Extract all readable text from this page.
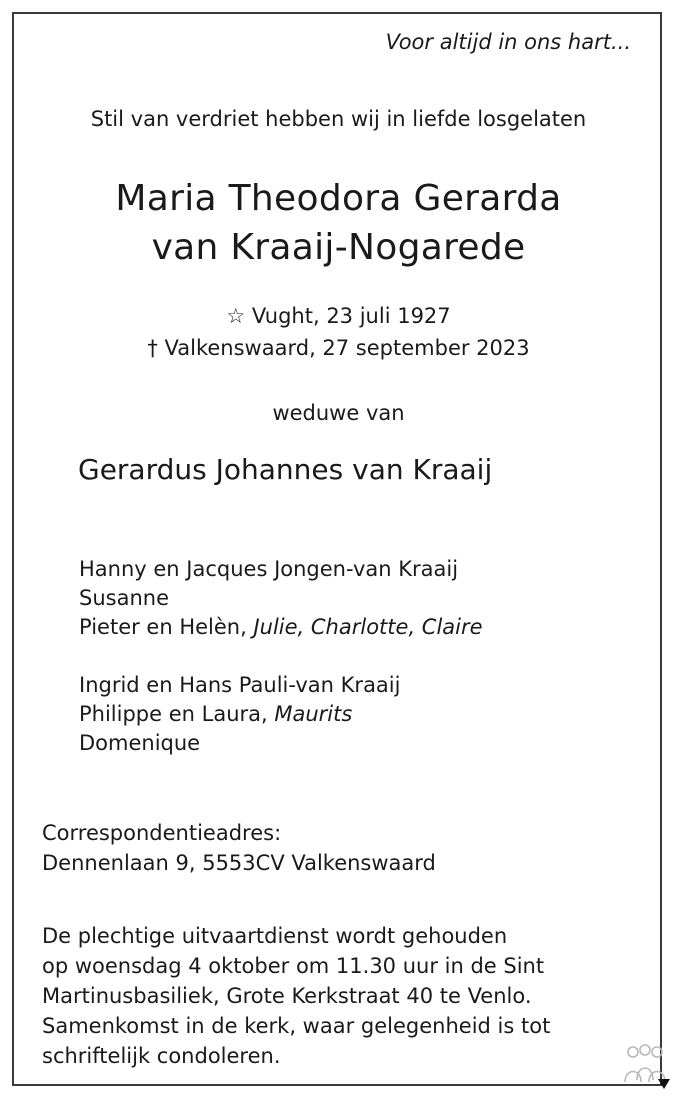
Voor altijd in ons hart...
Stil van verdriet hebben wij in liefde losgelaten
Maria Theodora Gerarda
van Kraaij-Nogarede
☆ Vught, 23 juli 1927
† Valkenswaard, 27 september 2023
weduwe van
Gerardus Johannes van Kraaij
Hanny en Jacques Jongen-van Kraaij
Susanne
Pieter en Helèn, Julie, Charlotte, Claire
Ingrid en Hans Pauli-van Kraaij
Philippe en Laura, Maurits
Domenique
Correspondentieadres:
Dennenlaan 9, 5553CV Valkenswaard
De plechtige uitvaartdienst wordt gehouden
op woensdag 4 oktober om 11.30 uur in de Sint
Martinusbasiliek, Grote Kerkstraat 40 te Venlo.
Samenkomst in de kerk, waar gelegenheid is tot
schriftelijk condoleren.
